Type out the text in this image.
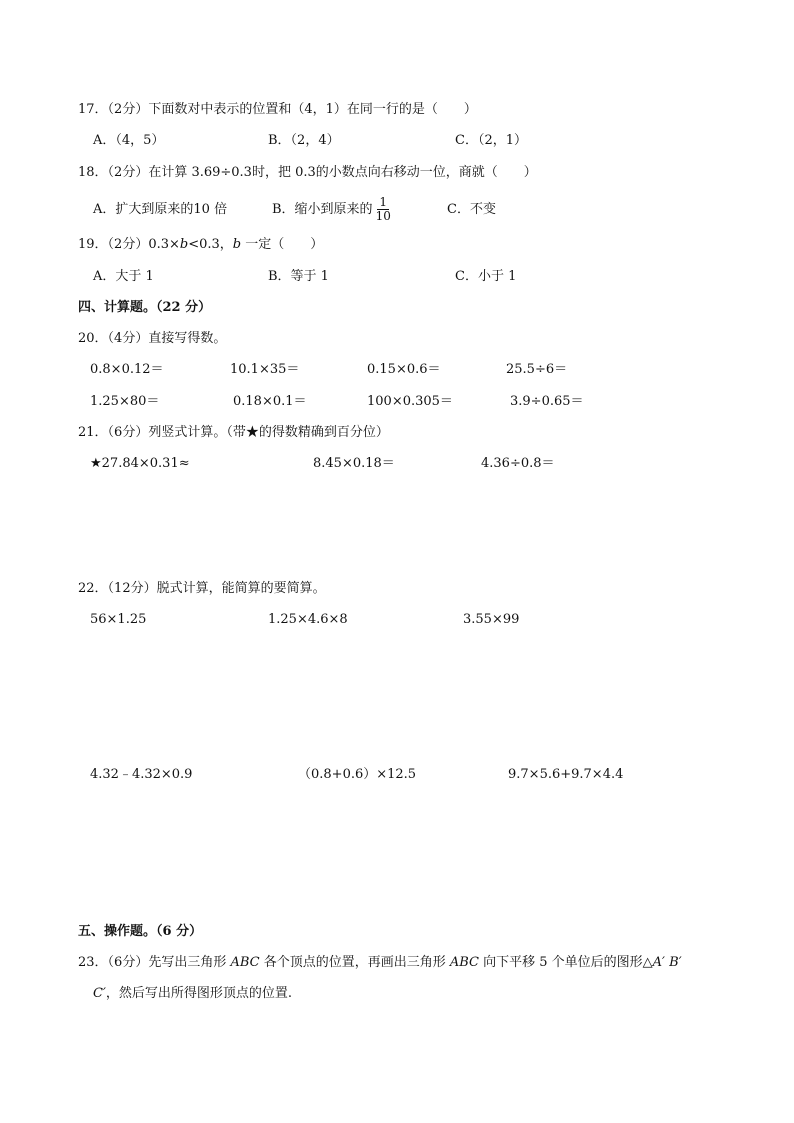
17．（2分）下面数对中表示的位置和（4，1）在同一行的是（　　）
A．（4，5）	B．（2，4）	C．（2，1）
18．（2分）在计算 3.69÷0.3时，把 0.3的小数点向右移动一位，商就（　　）
A．扩大到原来的10 倍	B．缩小到原来的 $\frac{1}{10}$	C．不变
19．（2分）0.3×b<0.3，b 一定（　　）
A．大于 1	B．等于 1	C．小于 1
四、计算题。（22 分）
20．（4分）直接写得数。
0.8×0.12＝	10.1×35＝	0.15×0.6＝	25.5÷6＝
1.25×80＝	0.18×0.1＝	100×0.305＝	3.9÷0.65＝
21．（6分）列竖式计算。（带★的得数精确到百分位）
★27.84×0.31≈	8.45×0.18＝	4.36÷0.8＝
22．（12分）脱式计算，能简算的要简算。
56×1.25	1.25×4.6×8	3.55×99
4.32﹣4.32×0.9	（0.8+0.6）×12.5	9.7×5.6+9.7×4.4
五、操作题。（6 分）
23．（6分）先写出三角形 ABC 各个顶点的位置，再画出三角形 ABC 向下平移 5 个单位后的图形△A′ B′
C′，然后写出所得图形顶点的位置.
